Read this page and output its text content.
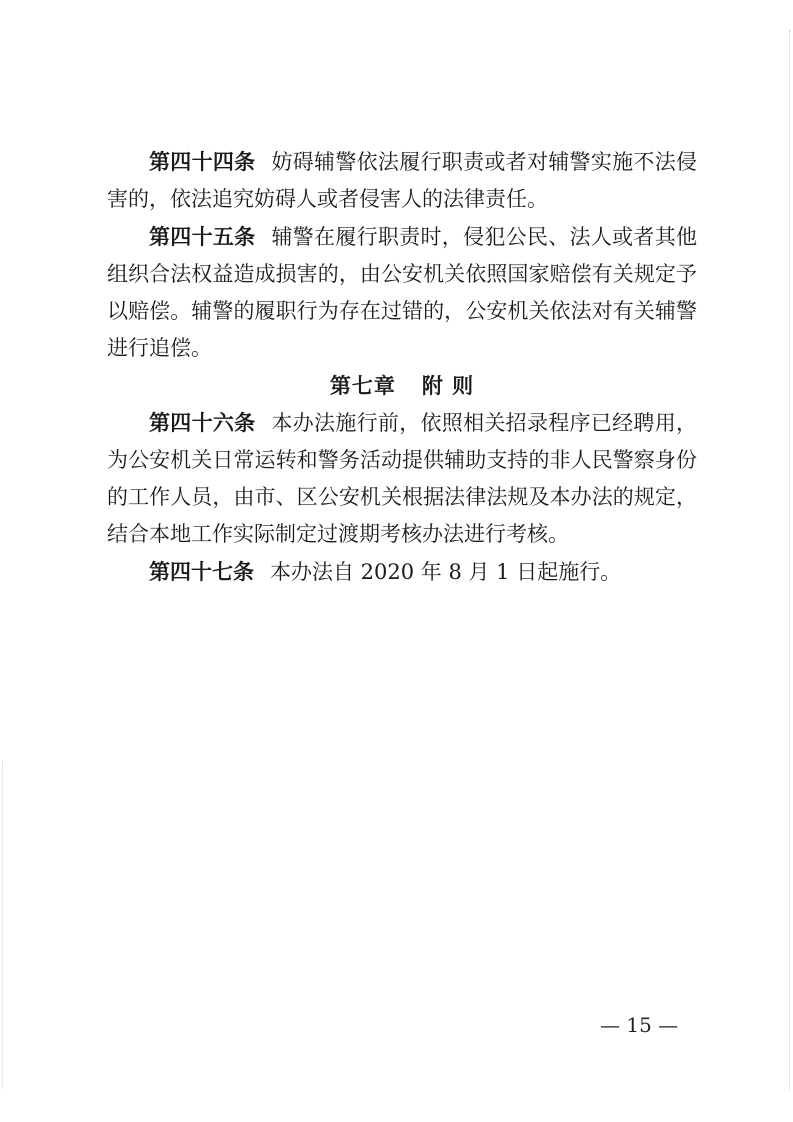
第四十四条 妨碍辅警依法履行职责或者对辅警实施不法侵害的，依法追究妨碍人或者侵害人的法律责任。

第四十五条 辅警在履行职责时，侵犯公民、法人或者其他组织合法权益造成损害的，由公安机关依照国家赔偿有关规定予以赔偿。辅警的履职行为存在过错的，公安机关依法对有关辅警进行追偿。

第七章 附 则

第四十六条 本办法施行前，依照相关招录程序已经聘用，为公安机关日常运转和警务活动提供辅助支持的非人民警察身份的工作人员，由市、区公安机关根据法律法规及本办法的规定，结合本地工作实际制定过渡期考核办法进行考核。

第四十七条 本办法自 2020 年 8 月 1 日起施行。

— 15 —
